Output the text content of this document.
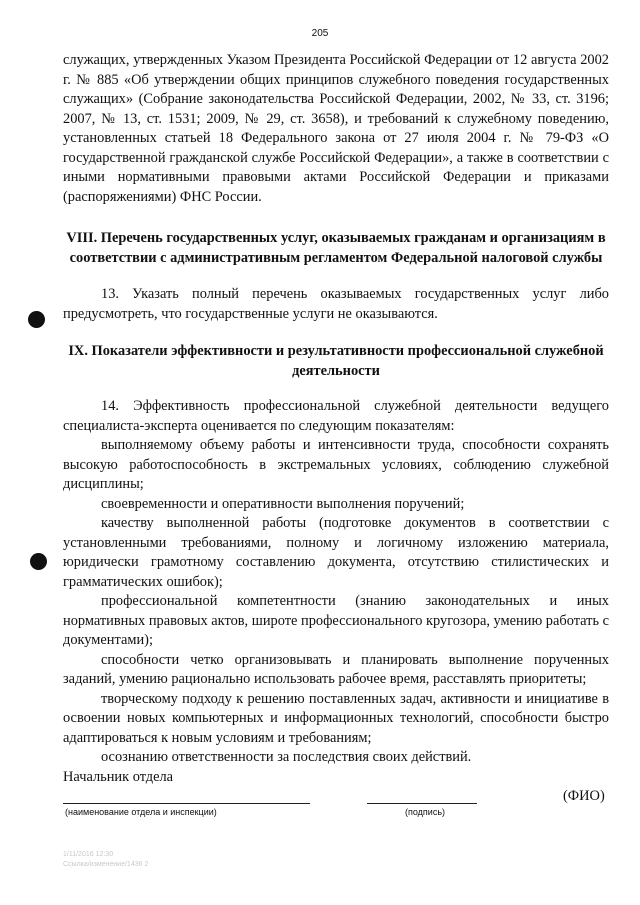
205

служащих, утвержденных Указом Президента Российской Федерации от 12 августа 2002 г. № 885 «Об утверждении общих принципов служебного поведения государственных служащих» (Собрание законодательства Российской Федерации, 2002, № 33, ст. 3196; 2007, № 13, ст. 1531; 2009, № 29, ст. 3658), и требований к служебному поведению, установленных статьей 18 Федерального закона от 27 июля 2004 г. № 79-ФЗ «О государственной гражданской службе Российской Федерации», а также в соответствии с иными нормативными правовыми актами Российской Федерации и приказами (распоряжениями) ФНС России.

VIII. Перечень государственных услуг, оказываемых гражданам и организациям в соответствии с административным регламентом Федеральной налоговой службы

13. Указать полный перечень оказываемых государственных услуг либо предусмотреть, что государственные услуги не оказываются.

IX. Показатели эффективности и результативности профессиональной служебной деятельности

14. Эффективность профессиональной служебной деятельности ведущего специалиста-эксперта оценивается по следующим показателям:

выполняемому объему работы и интенсивности труда, способности сохранять высокую работоспособность в экстремальных условиях, соблюдению служебной дисциплины;

своевременности и оперативности выполнения поручений;

качеству выполненной работы (подготовке документов в соответствии с установленными требованиями, полному и логичному изложению материала, юридически грамотному составлению документа, отсутствию стилистических и грамматических ошибок);

профессиональной компетентности (знанию законодательных и иных нормативных правовых актов, широте профессионального кругозора, умению работать с документами);

способности четко организовывать и планировать выполнение порученных заданий, умению рационально использовать рабочее время, расставлять приоритеты;

творческому подходу к решению поставленных задач, активности и инициативе в освоении новых компьютерных и информационных технологий, способности быстро адаптироваться к новым условиям и требованиям;

осознанию ответственности за последствия своих действий.

Начальник отдела
(наименование отдела и инспекции)	(подпись)
(ФИО)
1/11/2016 12:30
Ссылка/изменение/1436 2
